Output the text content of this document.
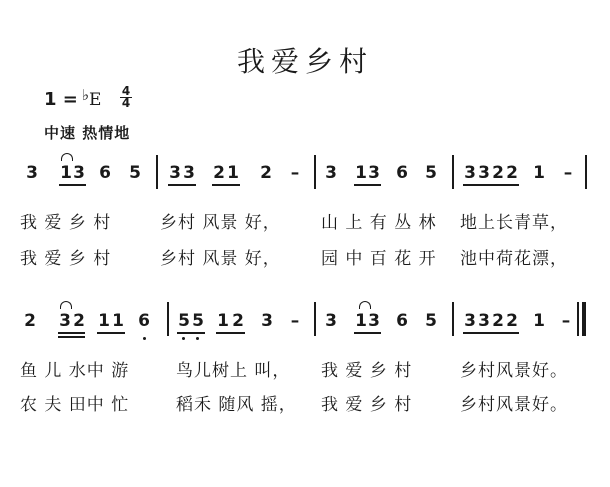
我爱乡村
1 = ♭E	4
4
中速 热情地
3 1 3 6 5 3 3 2 1 2 – 3 1 3 6 5 3 3 2 2 1 –
我 爱 乡 村	乡村 风景 好， 山 上 有 丛 林 地上长青草，
我 爱 乡 村	乡村 风景 好， 园 中 百 花 开 池中荷花漂，
2 3 2 1 1 6 5 5 1 2 3 – 3 1 3 6 5 3 3 2 2 1 –
鱼 儿 水中 游	鸟儿树上 叫， 我 爱 乡 村	乡村风景好。
农 夫 田中 忙	稻禾 随风 摇， 我 爱 乡 村	乡村风景好。
